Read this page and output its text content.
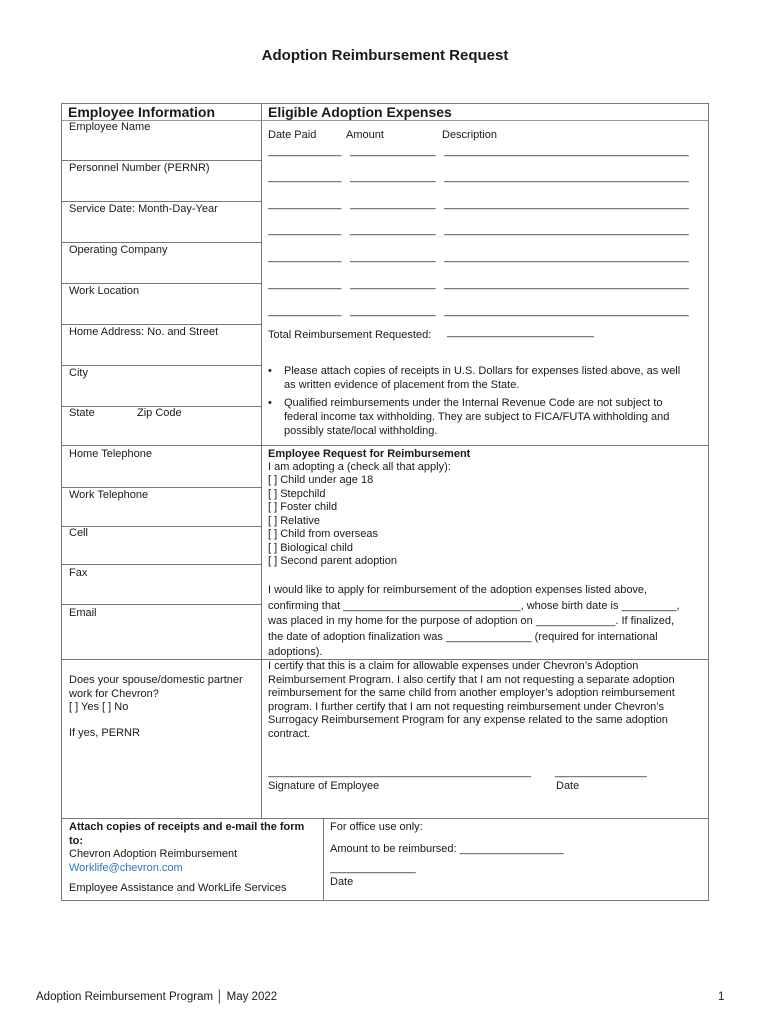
Adoption Reimbursement Request
Employee Information	Eligible Adoption Expenses
Employee Name
Personnel Number (PERNR)
Service Date: Month-Day-Year
Operating Company
Work Location
Home Address: No. and Street
City
State	Zip Code
Home Telephone
Work Telephone
Cell
Fax
Email
Does your spouse/domestic partner
work for Chevron?
[ ] Yes [ ] No
If yes, PERNR
Date Paid	Amount	Description
____________ ______________ ________________________________________
____________ ______________ ________________________________________
____________ ______________ ________________________________________
____________ ______________ ________________________________________
____________ ______________ ________________________________________
____________ ______________ ________________________________________
____________ ______________ ________________________________________
Total Reimbursement Requested: ________________________
• Please attach copies of receipts in U.S. Dollars for expenses listed above, as well
as written evidence of placement from the State.
• Qualified reimbursements under the Internal Revenue Code are not subject to
federal income tax withholding. They are subject to FICA/FUTA withholding and
possibly state/local withholding.
Employee Request for Reimbursement
I am adopting a (check all that apply):
[ ] Child under age 18
[ ] Stepchild
[ ] Foster child
[ ] Relative
[ ] Child from overseas
[ ] Biological child
[ ] Second parent adoption
I would like to apply for reimbursement of the adoption expenses listed above,
confirming that _____________________________, whose birth date is _________,
was placed in my home for the purpose of adoption on _____________. If finalized,
the date of adoption finalization was ______________ (required for international
adoptions).
I certify that this is a claim for allowable expenses under Chevron’s Adoption
Reimbursement Program. I also certify that I am not requesting a separate adoption
reimbursement for the same child from another employer’s adoption reimbursement
program. I further certify that I am not requesting reimbursement under Chevron’s
Surrogacy Reimbursement Program for any expense related to the same adoption
contract.
___________________________________________ _______________
Signature of Employee	Date
Attach copies of receipts and e-mail the form
to:
Chevron Adoption Reimbursement
Worklife@chevron.com
Employee Assistance and WorkLife Services
For office use only:
Amount to be reimbursed: _________________
______________
Date
Adoption Reimbursement Program │ May 2022	1
